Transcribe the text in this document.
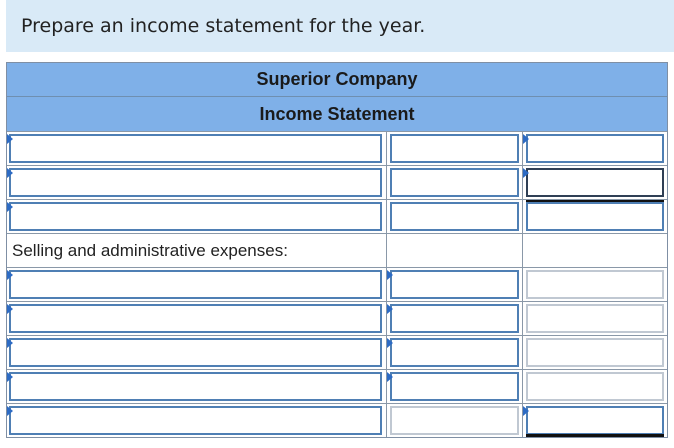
Prepare an income statement for the year.
Superior Company
Income Statement
Selling and administrative expenses:
